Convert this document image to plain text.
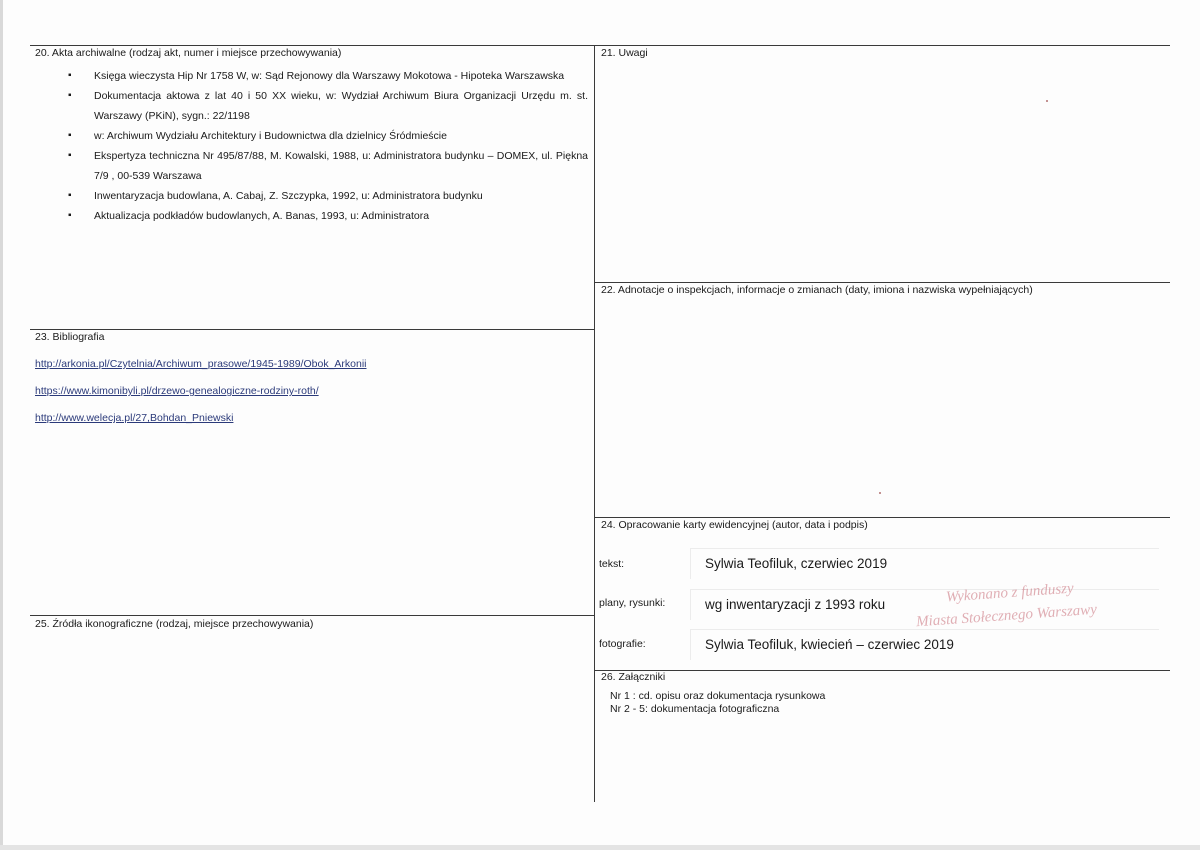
20. Akta archiwalne (rodzaj akt, numer i miejsce przechowywania)
▪ Księga wieczysta Hip Nr 1758 W, w: Sąd Rejonowy dla Warszawy Mokotowa - Hipoteka Warszawska
▪ Dokumentacja aktowa z lat 40 i 50 XX wieku, w: Wydział Archiwum Biura Organizacji Urzędu m. st. Warszawy (PKiN), sygn.: 22/1198
▪ w: Archiwum Wydziału Architektury i Budownictwa dla dzielnicy Śródmieście
▪ Ekspertyza techniczna Nr 495/87/88, M. Kowalski, 1988, u: Administratora budynku – DOMEX, ul. Piękna 7/9 , 00-539 Warszawa
▪ Inwentaryzacja budowlana, A. Cabaj, Z. Szczypka, 1992, u: Administratora budynku
▪ Aktualizacja podkładów budowlanych, A. Banas, 1993, u: Administratora
21. Uwagi
22. Adnotacje o inspekcjach, informacje o zmianach (daty, imiona i nazwiska wypełniających)
23. Bibliografia
http://arkonia.pl/Czytelnia/Archiwum_prasowe/1945-1989/Obok_Arkonii
https://www.kimonibyli.pl/drzewo-genealogiczne-rodziny-roth/
http://www.welecja.pl/27,Bohdan_Pniewski
24. Opracowanie karty ewidencyjnej (autor, data i podpis)
tekst:	Sylwia Teofiluk, czerwiec 2019
plany, rysunki:	wg inwentaryzacji z 1993 roku
fotografie:	Sylwia Teofiluk, kwiecień – czerwiec 2019
Wykonano z funduszy
Miasta Stołecznego Warszawy
25. Źródła ikonograficzne (rodzaj, miejsce przechowywania)
26. Załączniki
Nr 1 : cd. opisu oraz dokumentacja rysunkowa
Nr 2 - 5: dokumentacja fotograficzna
